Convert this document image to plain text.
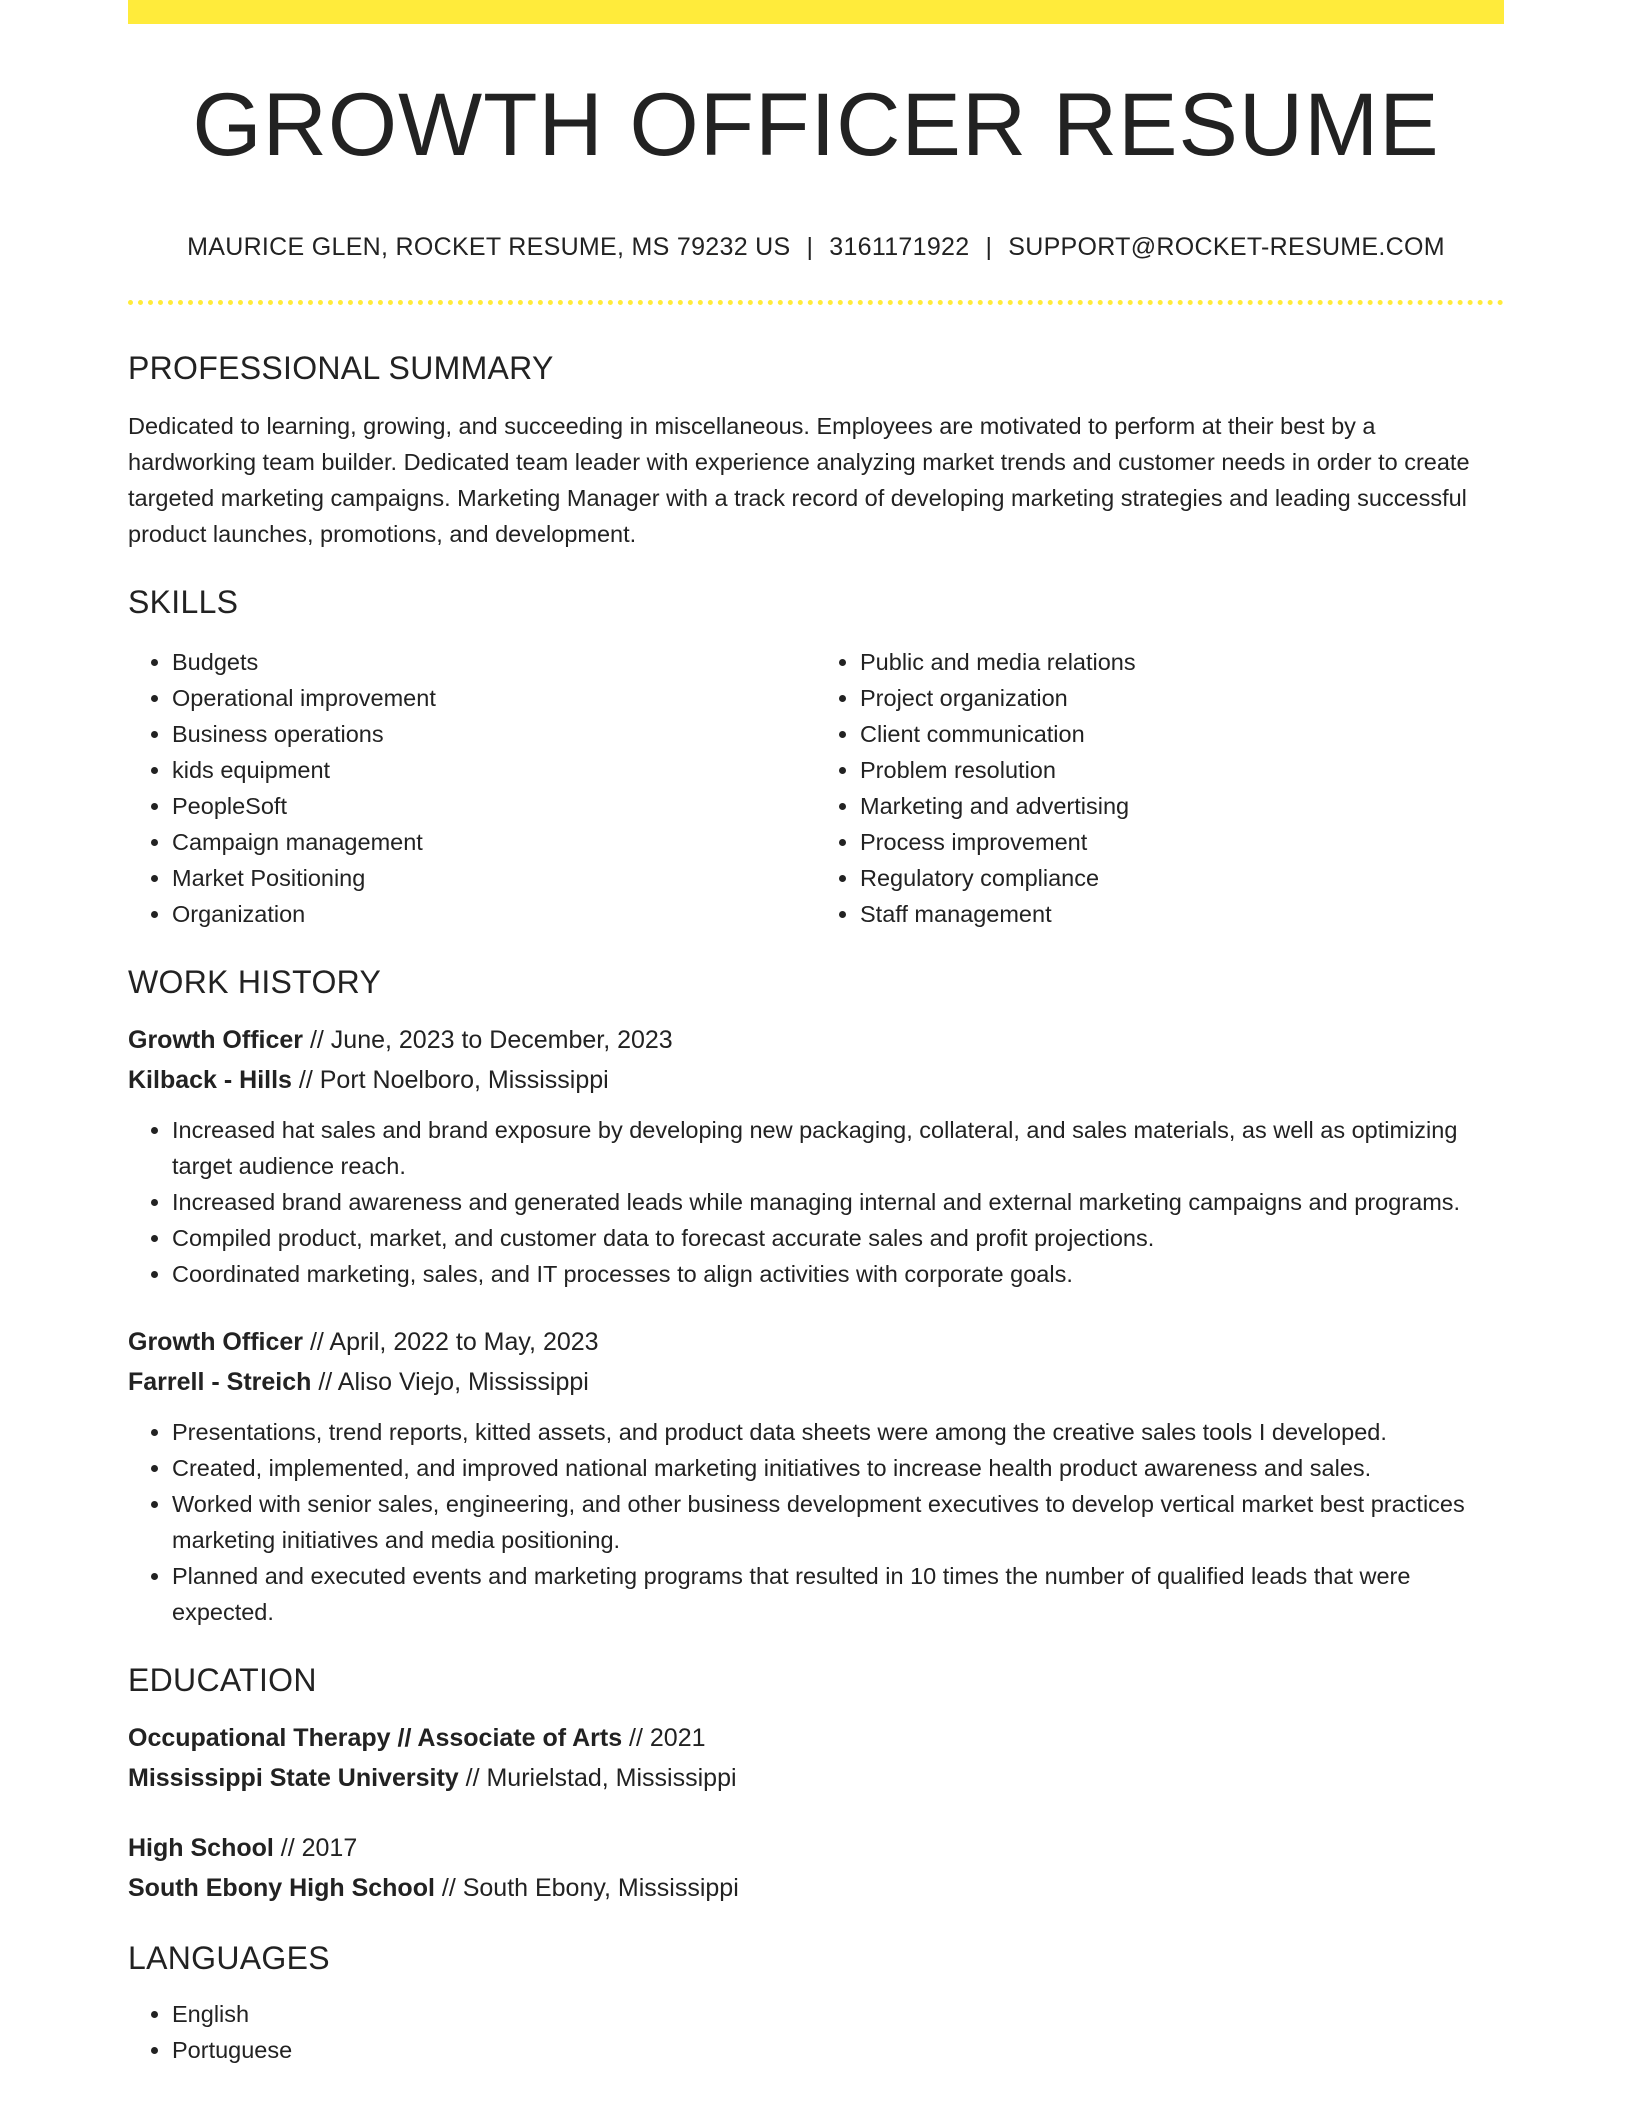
GROWTH OFFICER RESUME
MAURICE GLEN, ROCKET RESUME, MS 79232 US | 3161171922 | SUPPORT@ROCKET-RESUME.COM
PROFESSIONAL SUMMARY

Dedicated to learning, growing, and succeeding in miscellaneous. Employees are motivated to perform at their best by a hardworking team builder. Dedicated team leader with experience analyzing market trends and customer needs in order to create targeted marketing campaigns. Marketing Manager with a track record of developing marketing strategies and leading successful product launches, promotions, and development.

SKILLS
• Budgets
• Operational improvement
• Business operations
• kids equipment
• PeopleSoft
• Campaign management
• Market Positioning
• Organization
• Public and media relations
• Project organization
• Client communication
• Problem resolution
• Marketing and advertising
• Process improvement
• Regulatory compliance
• Staff management
WORK HISTORY

Growth Officer // June, 2023 to December, 2023

Kilback - Hills // Port Noelboro, Mississippi

• Increased hat sales and brand exposure by developing new packaging, collateral, and sales materials, as well as optimizing target audience reach.
• Increased brand awareness and generated leads while managing internal and external marketing campaigns and programs.
• Compiled product, market, and customer data to forecast accurate sales and profit projections.
• Coordinated marketing, sales, and IT processes to align activities with corporate goals.

Growth Officer // April, 2022 to May, 2023

Farrell - Streich // Aliso Viejo, Mississippi

• Presentations, trend reports, kitted assets, and product data sheets were among the creative sales tools I developed.
• Created, implemented, and improved national marketing initiatives to increase health product awareness and sales.
• Worked with senior sales, engineering, and other business development executives to develop vertical market best practices marketing initiatives and media positioning.
• Planned and executed events and marketing programs that resulted in 10 times the number of qualified leads that were expected.
EDUCATION

Occupational Therapy // Associate of Arts // 2021

Mississippi State University // Murielstad, Mississippi

High School // 2017

South Ebony High School // South Ebony, Mississippi

LANGUAGES
• English
• Portuguese
